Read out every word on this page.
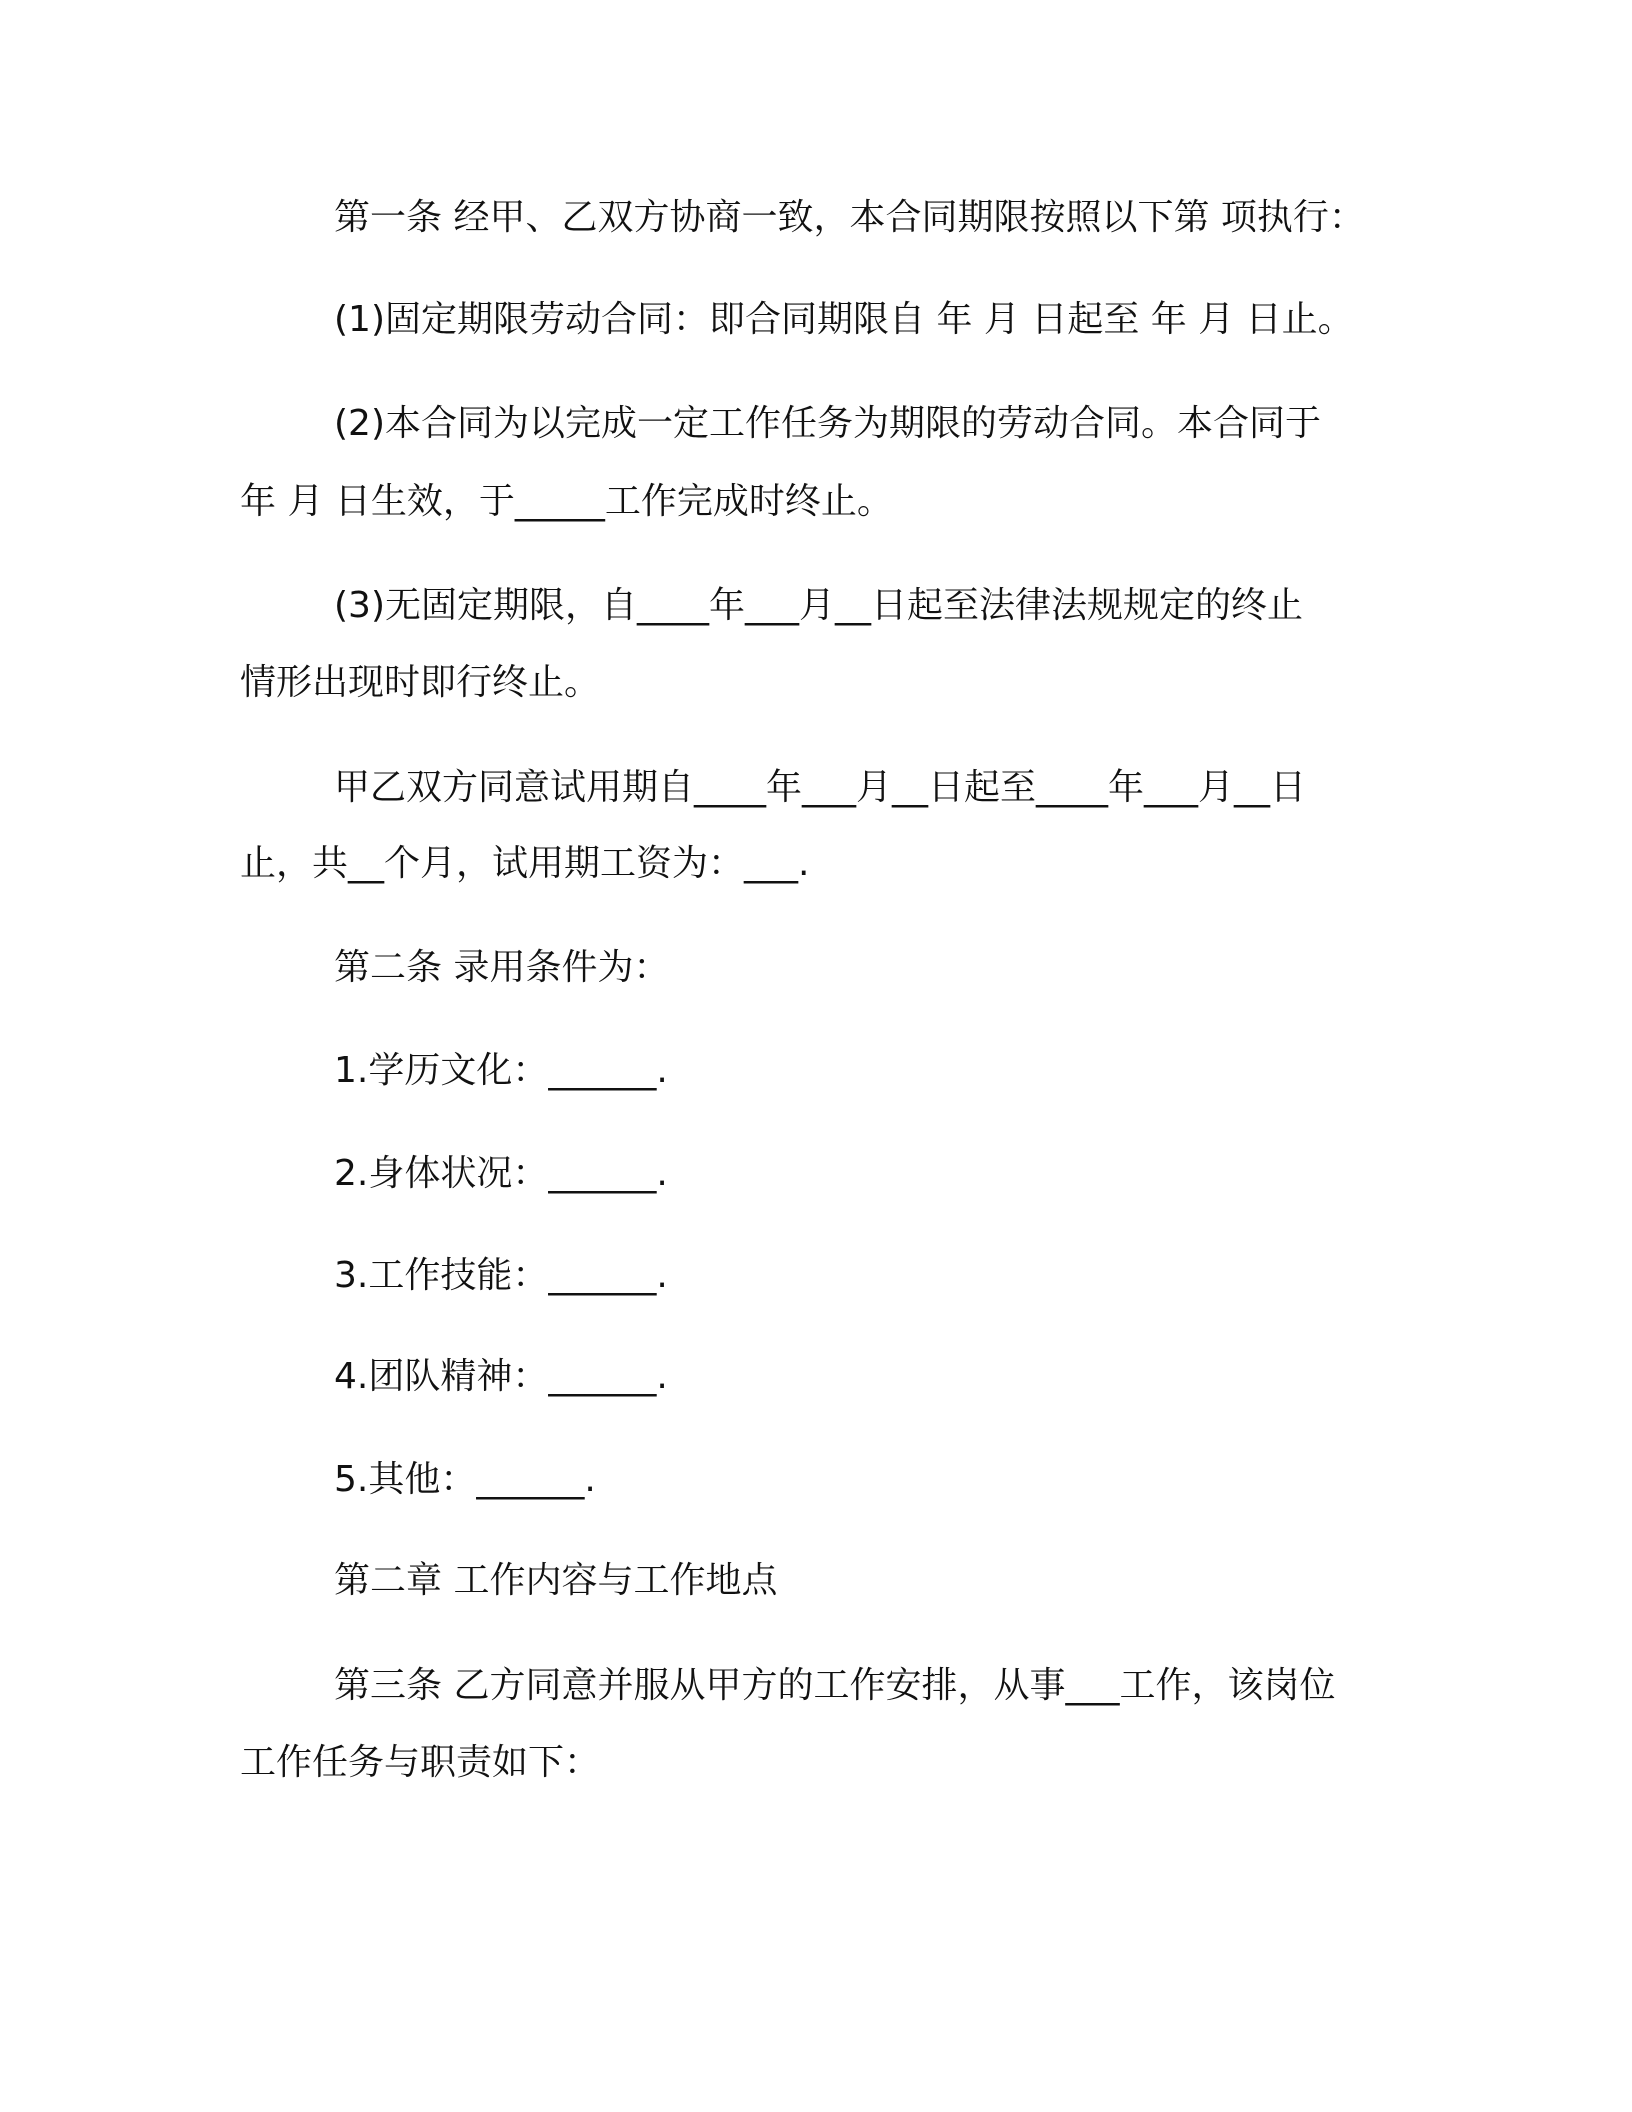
第一条 经甲、乙双方协商一致，本合同期限按照以下第 项执行：
(1)固定期限劳动合同：即合同期限自 年 月 日起至 年 月 日止。
(2)本合同为以完成一定工作任务为期限的劳动合同。本合同于
年 月 日生效，于_____工作完成时终止。
(3)无固定期限，自____年___月__日起至法律法规规定的终止
情形出现时即行终止。
甲乙双方同意试用期自____年___月__日起至____年___月__日
止，共__个月，试用期工资为：___.
第二条 录用条件为：
1.学历文化：______.
2.身体状况：______.
3.工作技能：______.
4.团队精神：______.
5.其他：______.
第二章 工作内容与工作地点
第三条 乙方同意并服从甲方的工作安排，从事___工作，该岗位
工作任务与职责如下：
